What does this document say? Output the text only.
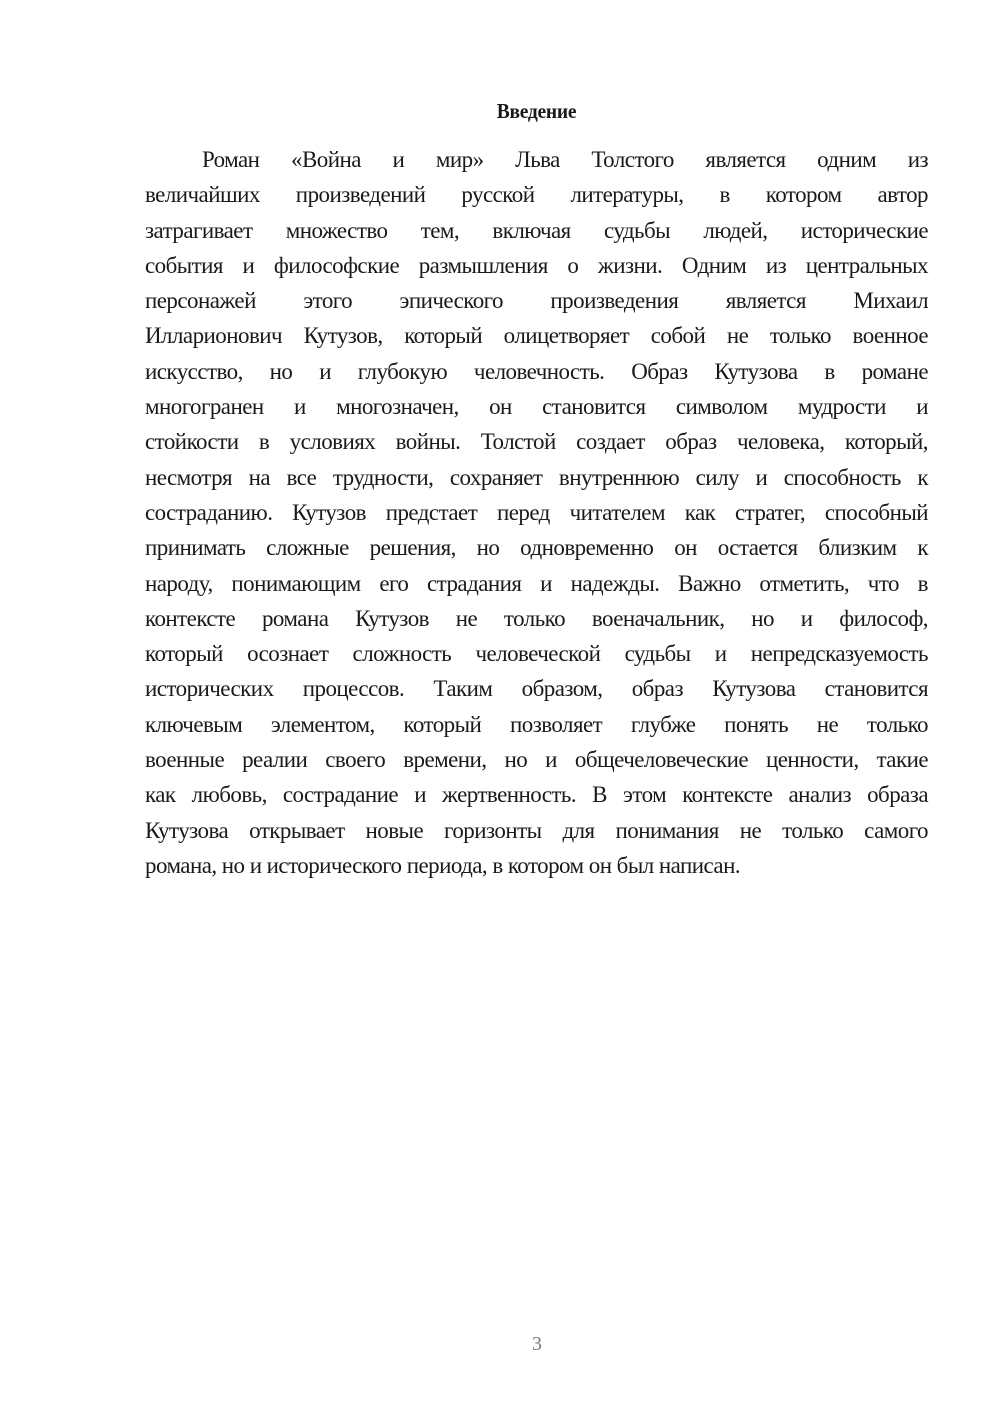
Введение
Роман «Война и мир» Льва Толстого является одним из
величайших произведений русской литературы, в котором автор
затрагивает множество тем, включая судьбы людей, исторические
события и философские размышления о жизни. Одним из центральных
персонажей этого эпического произведения является Михаил
Илларионович Кутузов, который олицетворяет собой не только военное
искусство, но и глубокую человечность. Образ Кутузова в романе
многогранен и многозначен, он становится символом мудрости и
стойкости в условиях войны. Толстой создает образ человека, который,
несмотря на все трудности, сохраняет внутреннюю силу и способность к
состраданию. Кутузов предстает перед читателем как стратег, способный
принимать сложные решения, но одновременно он остается близким к
народу, понимающим его страдания и надежды. Важно отметить, что в
контексте романа Кутузов не только военачальник, но и философ,
который осознает сложность человеческой судьбы и непредсказуемость
исторических процессов. Таким образом, образ Кутузова становится
ключевым элементом, который позволяет глубже понять не только
военные реалии своего времени, но и общечеловеческие ценности, такие
как любовь, сострадание и жертвенность. В этом контексте анализ образа
Кутузова открывает новые горизонты для понимания не только самого
романа, но и исторического периода, в котором он был написан.
3
